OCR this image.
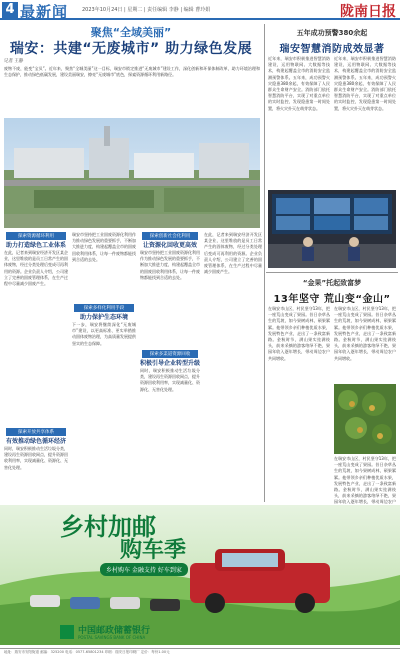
4 最新闻	2023年10月24日 | 星期二 | 责任编辑 李静 | 编辑 曹玲娟	陇南日报
聚焦“全域美丽”
瑞安：共建“无废城市” 助力绿色发展
记者 王静
废物不废，能变“宝贝”。近年来，聚焦“全城美丽”这一目标，瑞安市锁定推进“无废城市”建设工作，深化创新和环保体制改革，助力环境治理和生态保护，推动绿色低碳发展，建设美丽瑞安，擦亮“无废城市”底色，探索资源循环利用新路径。
探索资源循环利用
助力打造绿色工业体系
在此，记者来到瑞安经济开发区某企业，这里堆放的是员工日常产生的固体废物，经过分类处理后变成可再利用的资源。企业负责人介绍，公司建立了完善的固废管理体系，在生产过程中尽量减少固废产生。
探索开放共享体系
有效推动绿色循环经济
同时，瑞安积极推动生活垃圾分类，建设再生资源回收网点，提升资源回收利用率，实现减量化、资源化、无害化处理。
瑞安市坚持把工业固废资源化利用作为推动绿色发展的重要抓手，不断加大推进力度，构建起覆盖全市的固废回收利用体系，让每一件废物都能找到合适的去处。
探索多样化利用手段
助力保护生态环境
下一步，瑞安将继续深化“无废城市”建设，以更高标准、更实举措推动固体废物治理，为高质量发展提供坚实的生态保障。
探索创新社会化利用
让资源化回收更高效
瑞安市坚持把工业固废资源化利用作为推动绿色发展的重要抓手，不断加大推进力度，构建起覆盖全市的固废回收利用体系，让每一件废物都能找到合适的去处。
探索多渠道资源回收
积极引导企业转型升级
同时，瑞安积极推动生活垃圾分类，建设再生资源回收网点，提升资源回收利用率，实现减量化、资源化、无害化处理。
在此，记者来到瑞安经济开发区某企业，这里堆放的是员工日常产生的固体废物，经过分类处理后变成可再利用的资源。企业负责人介绍，公司建立了完善的固废管理体系，在生产过程中尽量减少固废产生。
五年成功预警380余起
瑞安智慧消防成效显著
近年来，瑞安市积极推进智慧消防建设，运用物联网、大数据等技术，构建起覆盖全市的消防安全监测预警体系。五年来，成功预警火灾隐患380余起，有效保障了人民群众生命财产安全。消防部门依托智慧消防平台，实现了对重点单位的实时监控，发现隐患第一时间处置，将火灾扑灭在萌芽状态。
近年来，瑞安市积极推进智慧消防建设，运用物联网、大数据等技术，构建起覆盖全市的消防安全监测预警体系。五年来，成功预警火灾隐患380余起，有效保障了人民群众生命财产安全。消防部门依托智慧消防平台，实现了对重点单位的实时监控，发现隐患第一时间处置，将火灾扑灭在萌芽状态。
“金果”托起致富梦
13年坚守 荒山变“金山”
在瑞安市山区，村民坚守13年，把一座荒山变成了果园。昔日杂草丛生的荒坡，如今果树成林，硕果累累。他带领乡亲们种植优质水果，发展特色产业，走出了一条致富新路。金秋时节，满山果实挂满枝头，前来采摘的游客络绎不绝，果园年收入逐年增长，带动周边农户共同增收。
在瑞安市山区，村民坚守13年，把一座荒山变成了果园。昔日杂草丛生的荒坡，如今果树成林，硕果累累。他带领乡亲们种植优质水果，发展特色产业，走出了一条致富新路。金秋时节，满山果实挂满枝头，前来采摘的游客络绎不绝，果园年收入逐年增长，带动周边农户共同增收。
在瑞安市山区，村民坚守13年，把一座荒山变成了果园。昔日杂草丛生的荒坡，如今果树成林，硕果累累。他带领乡亲们种植优质水果，发展特色产业，走出了一条致富新路。金秋时节，满山果实挂满枝头，前来采摘的游客络绎不绝，果园年收入逐年增长，带动周边农户
乡村加邮
购车季
乡村购车 金融支持 好车到家
中国邮政储蓄银行
POSTAL SAVINGS BANK OF CHINA
地址：瑞安市安阳街道 邮编：325200 电话：0577-65801234 印刷：瑞安日报印刷厂 定价：每份1.00元
